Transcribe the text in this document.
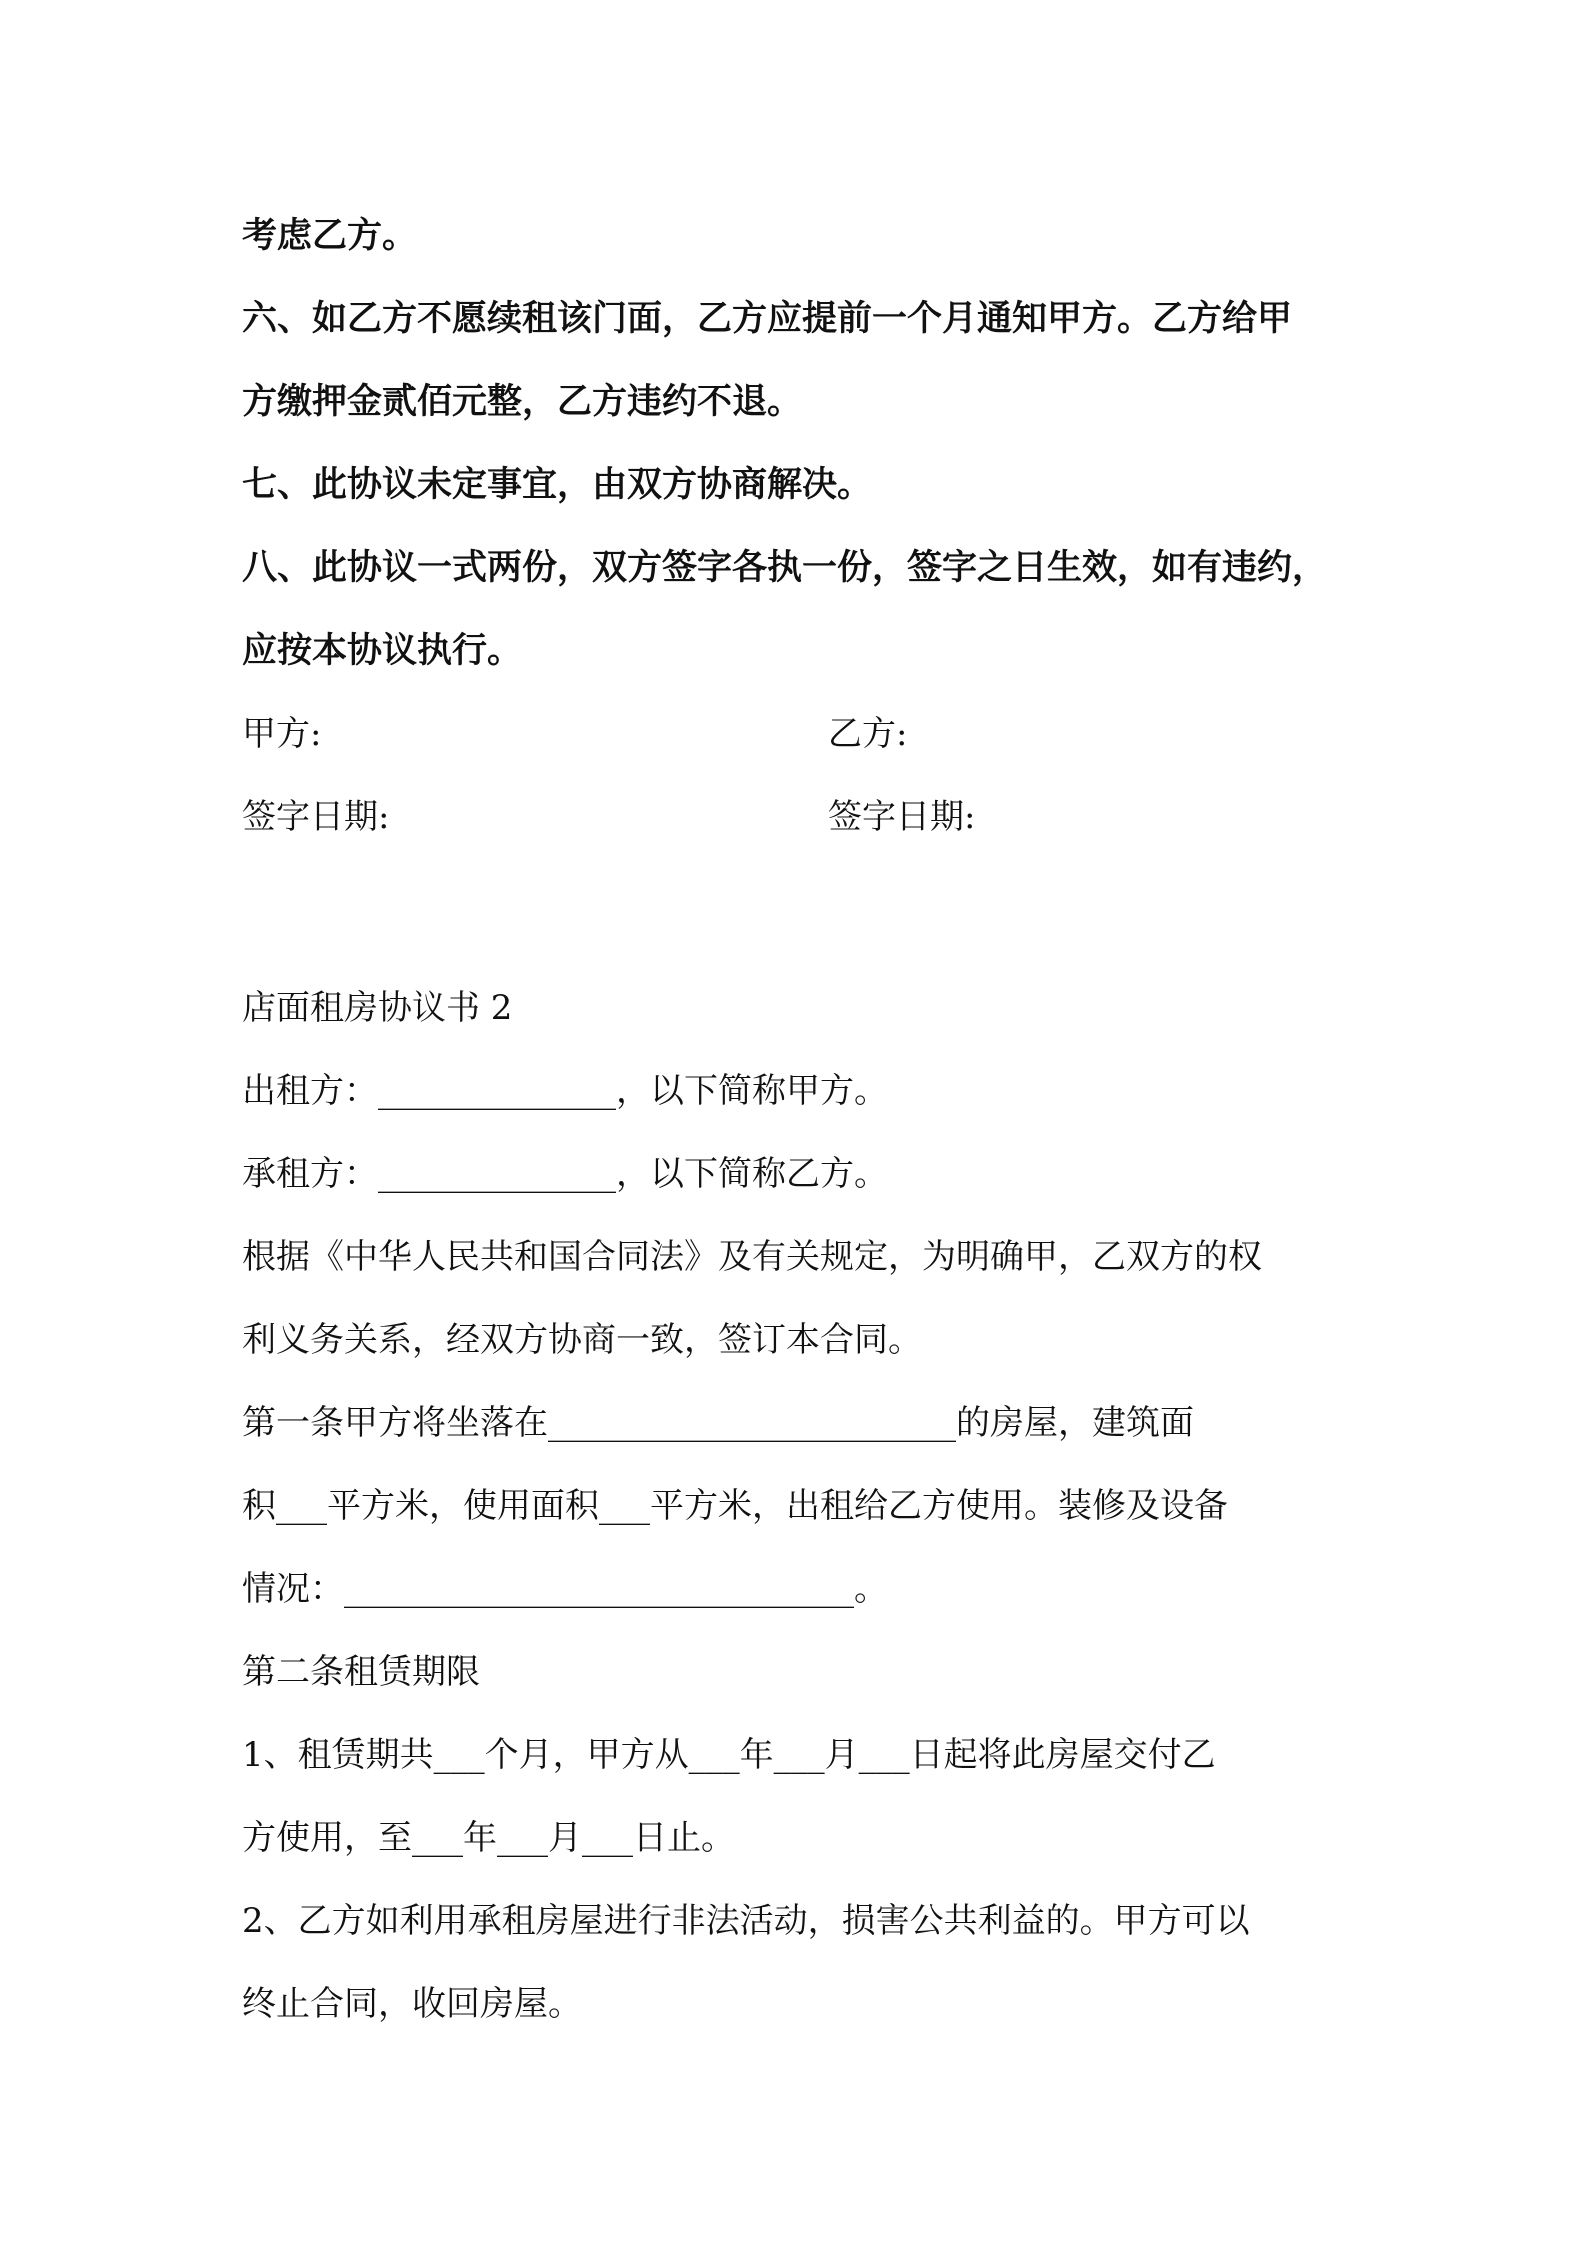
考虑乙方。

六、如乙方不愿续租该门面，乙方应提前一个月通知甲方。乙方给甲

方缴押金贰佰元整，乙方违约不退。

七、此协议未定事宜，由双方协商解决。

八、此协议一式两份，双方签字各执一份，签字之日生效，如有违约，

应按本协议执行。

甲方:	乙方:
签字日期:	签字日期:

店面租房协议书 2

出租方：______________，以下简称甲方。

承租方：______________，以下简称乙方。

根据《中华人民共和国合同法》及有关规定，为明确甲，乙双方的权

利义务关系，经双方协商一致，签订本合同。

第一条甲方将坐落在________________________的房屋，建筑面

积___平方米，使用面积___平方米，出租给乙方使用。装修及设备

情况：______________________________。

第二条租赁期限

1、租赁期共___个月，甲方从___年___月___日起将此房屋交付乙

方使用，至___年___月___日止。

2、乙方如利用承租房屋进行非法活动，损害公共利益的。甲方可以

终止合同，收回房屋。
